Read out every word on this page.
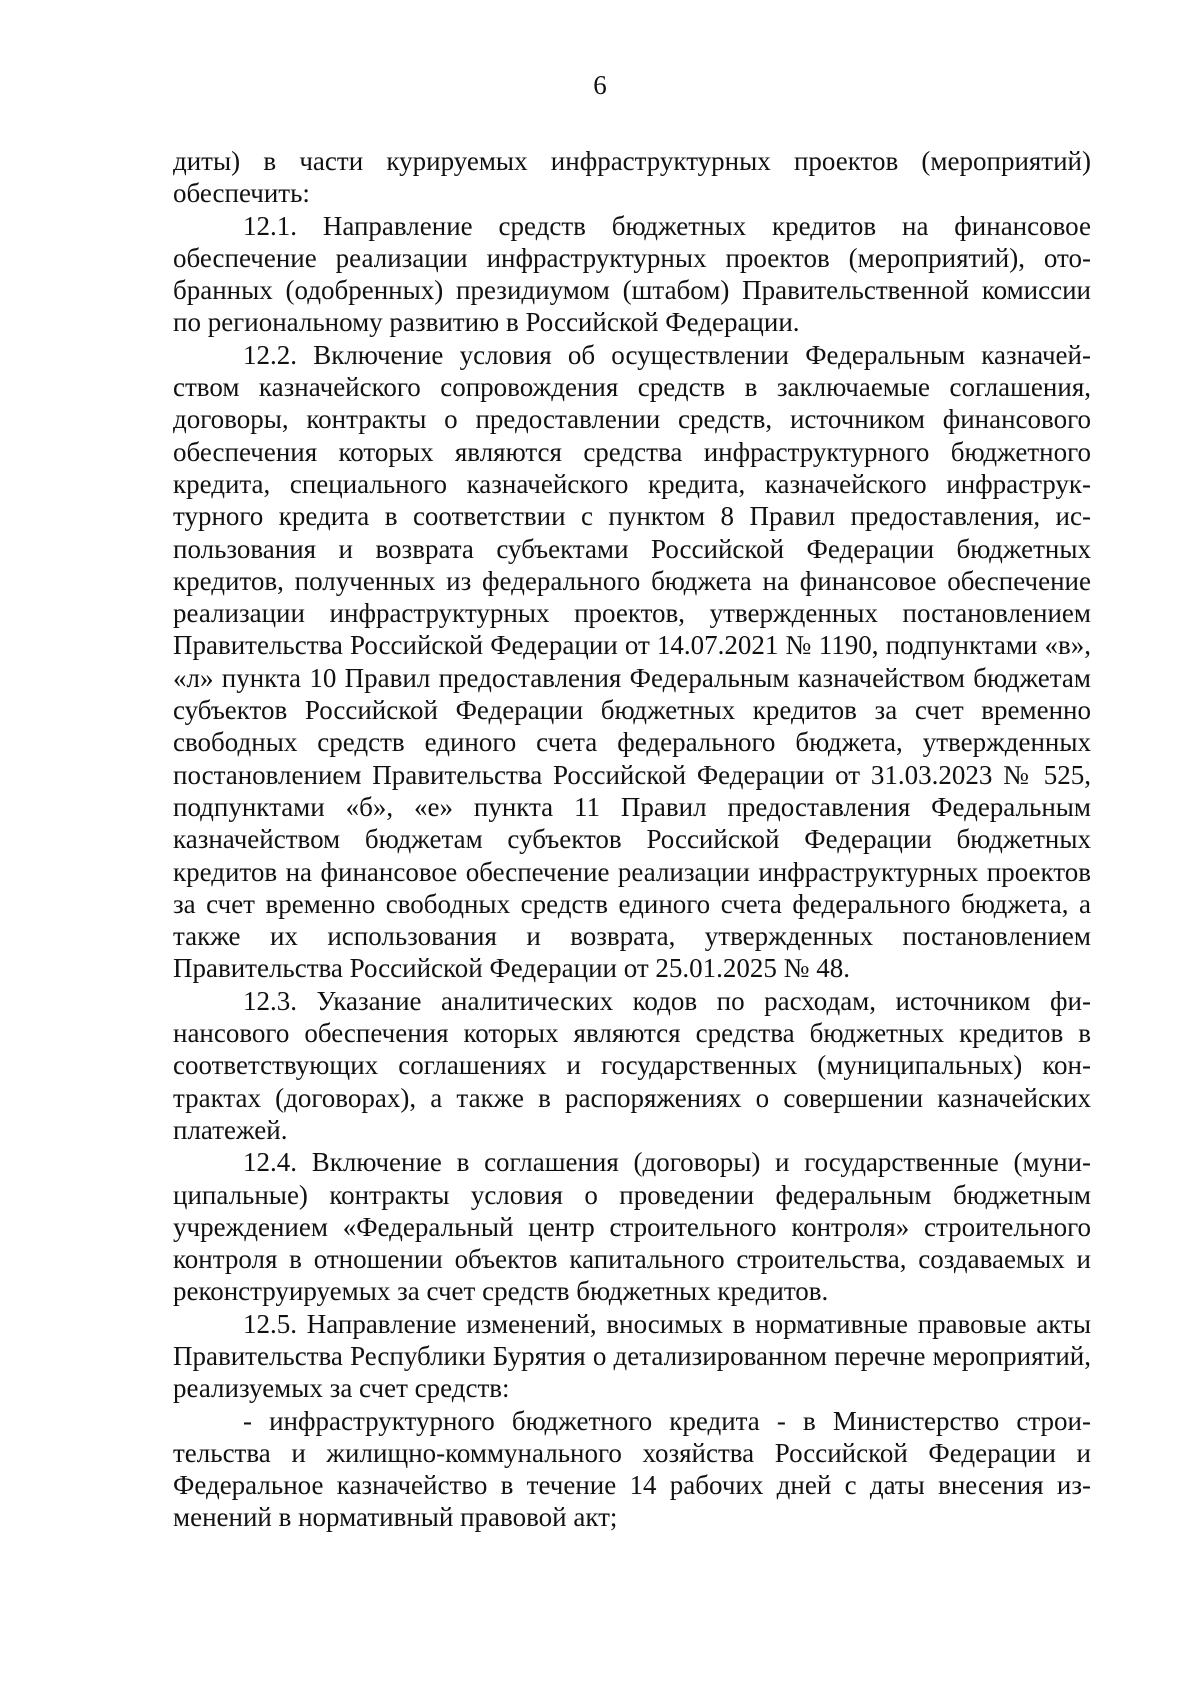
6

диты) в части курируемых инфраструктурных проектов (мероприятий) обеспечить:

12.1. Направление средств бюджетных кредитов на финансовое обеспечение реализации инфраструктурных проектов (мероприятий), отобранных (одобренных) президиумом (штабом) Правительственной комиссии по региональному развитию в Российской Федерации.

12.2. Включение условия об осуществлении Федеральным казначейством казначейского сопровождения средств в заключаемые соглашения, договоры, контракты о предоставлении средств, источником финансового обеспечения которых являются средства инфраструктурного бюджетного кредита, специального казначейского кредита, казначейского инфраструктурного кредита в соответствии с пунктом 8 Правил предоставления, использования и возврата субъектами Российской Федерации бюджетных кредитов, полученных из федерального бюджета на финансовое обеспечение реализации инфраструктурных проектов, утвержденных постановлением Правительства Российской Федерации от 14.07.2021 № 1190, подпунктами «в», «л» пункта 10 Правил предоставления Федеральным казначейством бюджетам субъектов Российской Федерации бюджетных кредитов за счет временно свободных средств единого счета федерального бюджета, утвержденных постановлением Правительства Российской Федерации от 31.03.2023 № 525, подпунктами «б», «е» пункта 11 Правил предоставления Федеральным казначейством бюджетам субъектов Российской Федерации бюджетных кредитов на финансовое обеспечение реализации инфраструктурных проектов за счет временно свободных средств единого счета федерального бюджета, а также их использования и возврата, утвержденных постановлением Правительства Российской Федерации от 25.01.2025 № 48.

12.3. Указание аналитических кодов по расходам, источником финансового обеспечения которых являются средства бюджетных кредитов в соответствующих соглашениях и государственных (муниципальных) контрактах (договорах), а также в распоряжениях о совершении казначейских платежей.

12.4. Включение в соглашения (договоры) и государственные (муниципальные) контракты условия о проведении федеральным бюджетным учреждением «Федеральный центр строительного контроля» строительного контроля в отношении объектов капитального строительства, создаваемых и реконструируемых за счет средств бюджетных кредитов.

12.5. Направление изменений, вносимых в нормативные правовые акты Правительства Республики Бурятия о детализированном перечне мероприятий, реализуемых за счет средств:

- инфраструктурного бюджетного кредита - в Министерство строительства и жилищно-коммунального хозяйства Российской Федерации и Федеральное казначейство в течение 14 рабочих дней с даты внесения изменений в нормативный правовой акт;
